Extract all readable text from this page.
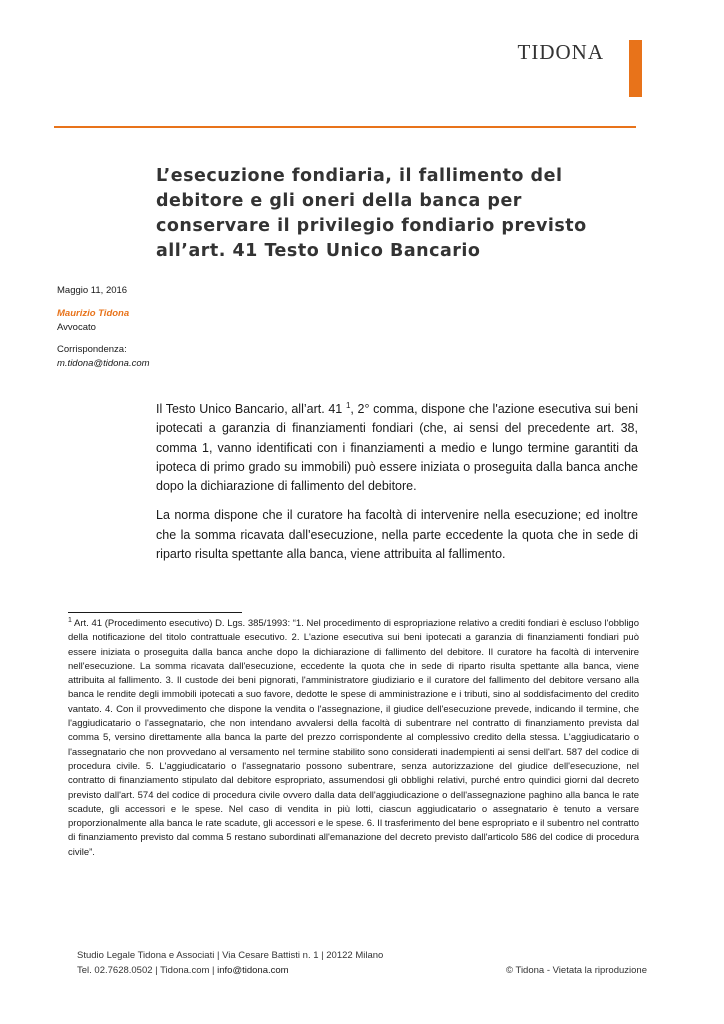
TIDONA
L’esecuzione fondiaria, il fallimento del debitore e gli oneri della banca per conservare il privilegio fondiario previsto all’art. 41 Testo Unico Bancario

Maggio 11, 2016

Maurizio Tidona
Avvocato

Corrispondenza:
m.tidona@tidona.com

Il Testo Unico Bancario, all’art. 41 $^1$, 2° comma, dispone che l'azione esecutiva sui beni ipotecati a garanzia di finanziamenti fondiari (che, ai sensi del precedente art. 38, comma 1, vanno identificati con i finanziamenti a medio e lungo termine garantiti da ipoteca di primo grado su immobili) può essere iniziata o proseguita dalla banca anche dopo la dichiarazione di fallimento del debitore.

La norma dispone che il curatore ha facoltà di intervenire nella esecuzione; ed inoltre che la somma ricavata dall'esecuzione, nella parte eccedente la quota che in sede di riparto risulta spettante alla banca, viene attribuita al fallimento.

$^1$ Art. 41 (Procedimento esecutivo) D. Lgs. 385/1993: “1. Nel procedimento di espropriazione relativo a crediti fondiari è escluso l'obbligo della notificazione del titolo contrattuale esecutivo. 2. L'azione esecutiva sui beni ipotecati a garanzia di finanziamenti fondiari può essere iniziata o proseguita dalla banca anche dopo la dichiarazione di fallimento del debitore. Il curatore ha facoltà di intervenire nell'esecuzione. La somma ricavata dall'esecuzione, eccedente la quota che in sede di riparto risulta spettante alla banca, viene attribuita al fallimento. 3. Il custode dei beni pignorati, l'amministratore giudiziario e il curatore del fallimento del debitore versano alla banca le rendite degli immobili ipotecati a suo favore, dedotte le spese di amministrazione e i tributi, sino al soddisfacimento del credito vantato. 4. Con il provvedimento che dispone la vendita o l'assegnazione, il giudice dell'esecuzione prevede, indicando il termine, che l'aggiudicatario o l'assegnatario, che non intendano avvalersi della facoltà di subentrare nel contratto di finanziamento prevista dal comma 5, versino direttamente alla banca la parte del prezzo corrispondente al complessivo credito della stessa. L'aggiudicatario o l'assegnatario che non provvedano al versamento nel termine stabilito sono considerati inadempienti ai sensi dell'art. 587 del codice di procedura civile. 5. L'aggiudicatario o l'assegnatario possono subentrare, senza autorizzazione del giudice dell'esecuzione, nel contratto di finanziamento stipulato dal debitore espropriato, assumendosi gli obblighi relativi, purché entro quindici giorni dal decreto previsto dall'art. 574 del codice di procedura civile ovvero dalla data dell'aggiudicazione o dell'assegnazione paghino alla banca le rate scadute, gli accessori e le spese. Nel caso di vendita in più lotti, ciascun aggiudicatario o assegnatario è tenuto a versare proporzionalmente alla banca le rate scadute, gli accessori e le spese. 6. Il trasferimento del bene espropriato e il subentro nel contratto di finanziamento previsto dal comma 5 restano subordinati all'emanazione del decreto previsto dall'articolo 586 del codice di procedura civile”.

Studio Legale Tidona e Associati | Via Cesare Battisti n. 1 | 20122 Milano
Tel. 02.7628.0502 | Tidona.com | info@tidona.com	© Tidona - Vietata la riproduzione
